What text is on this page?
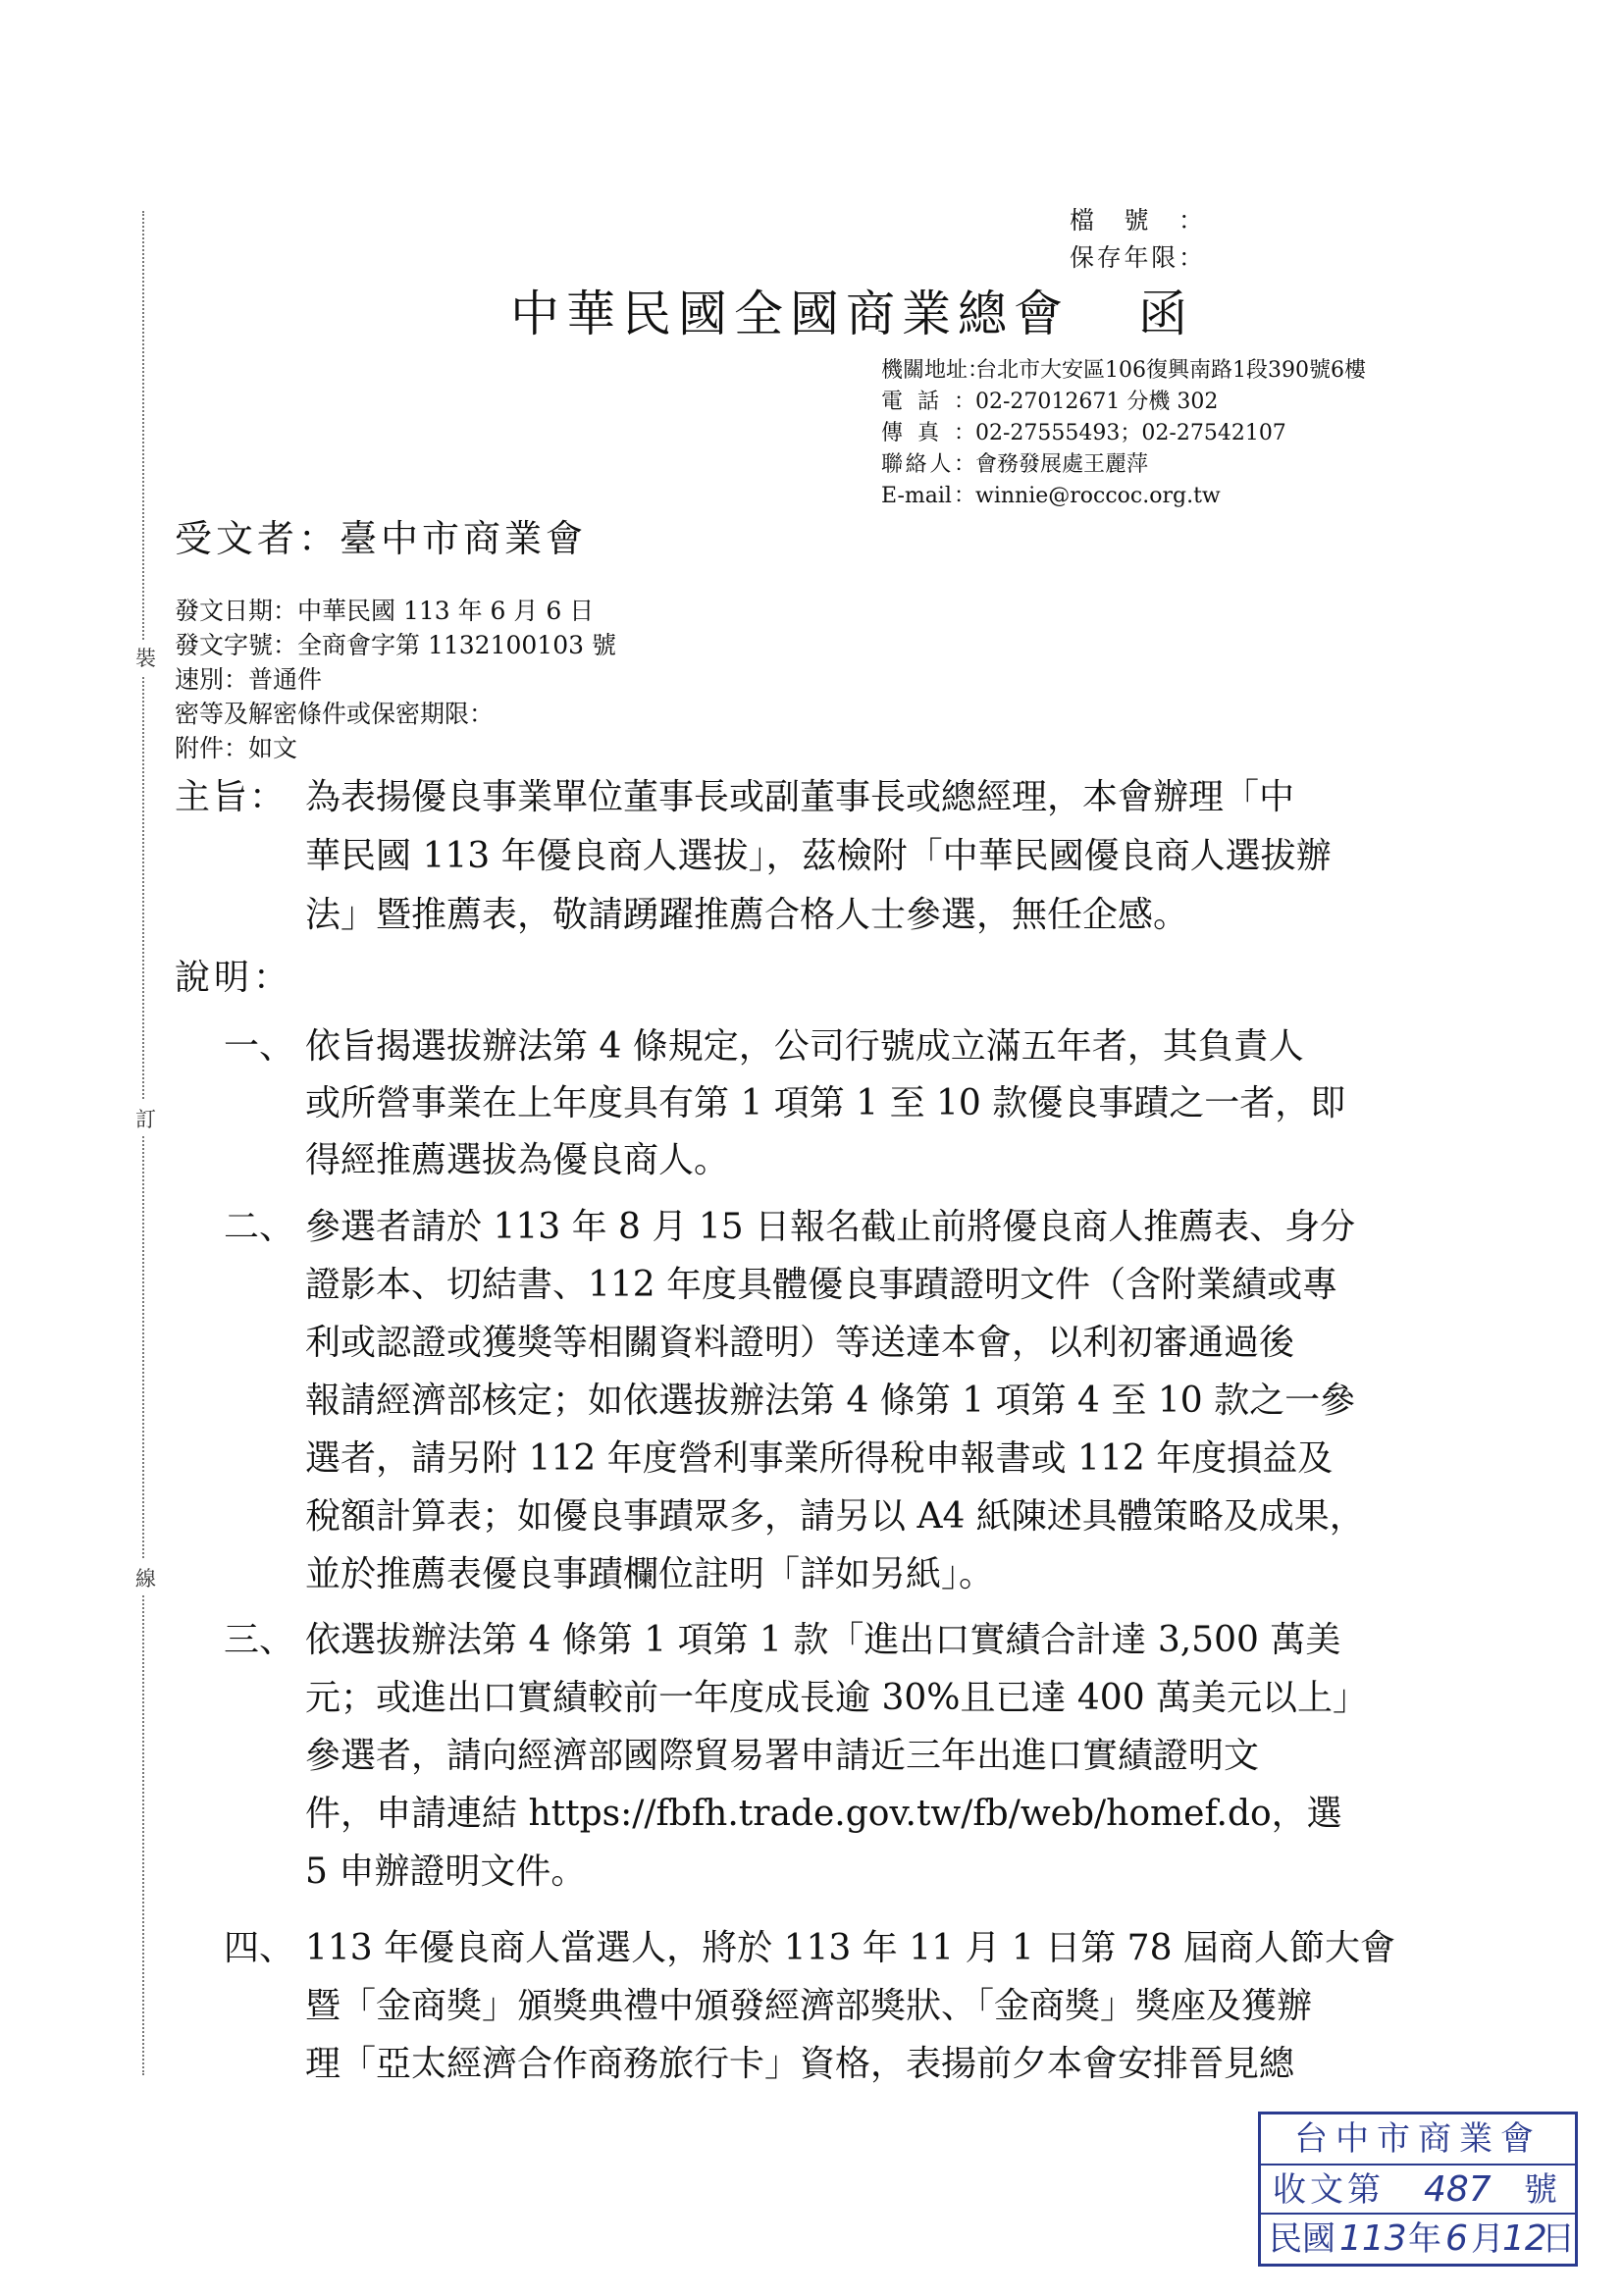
裝
訂
線
檔號：
保存年限：
中華民國全國商業總會 函
機關地址：台北市大安區106復興南路1段390號6樓
電話：02-27012671 分機 302
傳真：02-27555493；02-27542107
聯絡人：會務發展處王麗萍
E-mail：winnie@roccoc.org.tw
受文者：臺中市商業會
發文日期：中華民國 113 年 6 月 6 日
發文字號：全商會字第 1132100103 號
速別：普通件
密等及解密條件或保密期限：
附件：如文
主旨： 為表揚優良事業單位董事長或副董事長或總經理，本會辦理「中
華民國 113 年優良商人選拔」，茲檢附「中華民國優良商人選拔辦
法」暨推薦表，敬請踴躍推薦合格人士參選，無任企感。
說明：
一、 依旨揭選拔辦法第 4 條規定，公司行號成立滿五年者，其負責人
或所營事業在上年度具有第 1 項第 1 至 10 款優良事蹟之一者，即
得經推薦選拔為優良商人。
二、 參選者請於 113 年 8 月 15 日報名截止前將優良商人推薦表、身分
證影本、切結書、112 年度具體優良事蹟證明文件（含附業績或專
利或認證或獲獎等相關資料證明）等送達本會，以利初審通過後
報請經濟部核定；如依選拔辦法第 4 條第 1 項第 4 至 10 款之一參
選者，請另附 112 年度營利事業所得稅申報書或 112 年度損益及
稅額計算表；如優良事蹟眾多，請另以 A4 紙陳述具體策略及成果，
並於推薦表優良事蹟欄位註明「詳如另紙」。
三、 依選拔辦法第 4 條第 1 項第 1 款「進出口實績合計達 3,500 萬美
元；或進出口實績較前一年度成長逾 30%且已達 400 萬美元以上」
參選者，請向經濟部國際貿易署申請近三年出進口實績證明文
件，申請連結 https://fbfh.trade.gov.tw/fb/web/homef.do，選
5 申辦證明文件。
四、 113 年優良商人當選人，將於 113 年 11 月 1 日第 78 屆商人節大會
暨「金商獎」頒獎典禮中頒發經濟部獎狀、「金商獎」獎座及獲辦
理「亞太經濟合作商務旅行卡」資格，表揚前夕本會安排晉見總
台中市商業會
收文第 487 號
民國 113 年 6 月
12
日
